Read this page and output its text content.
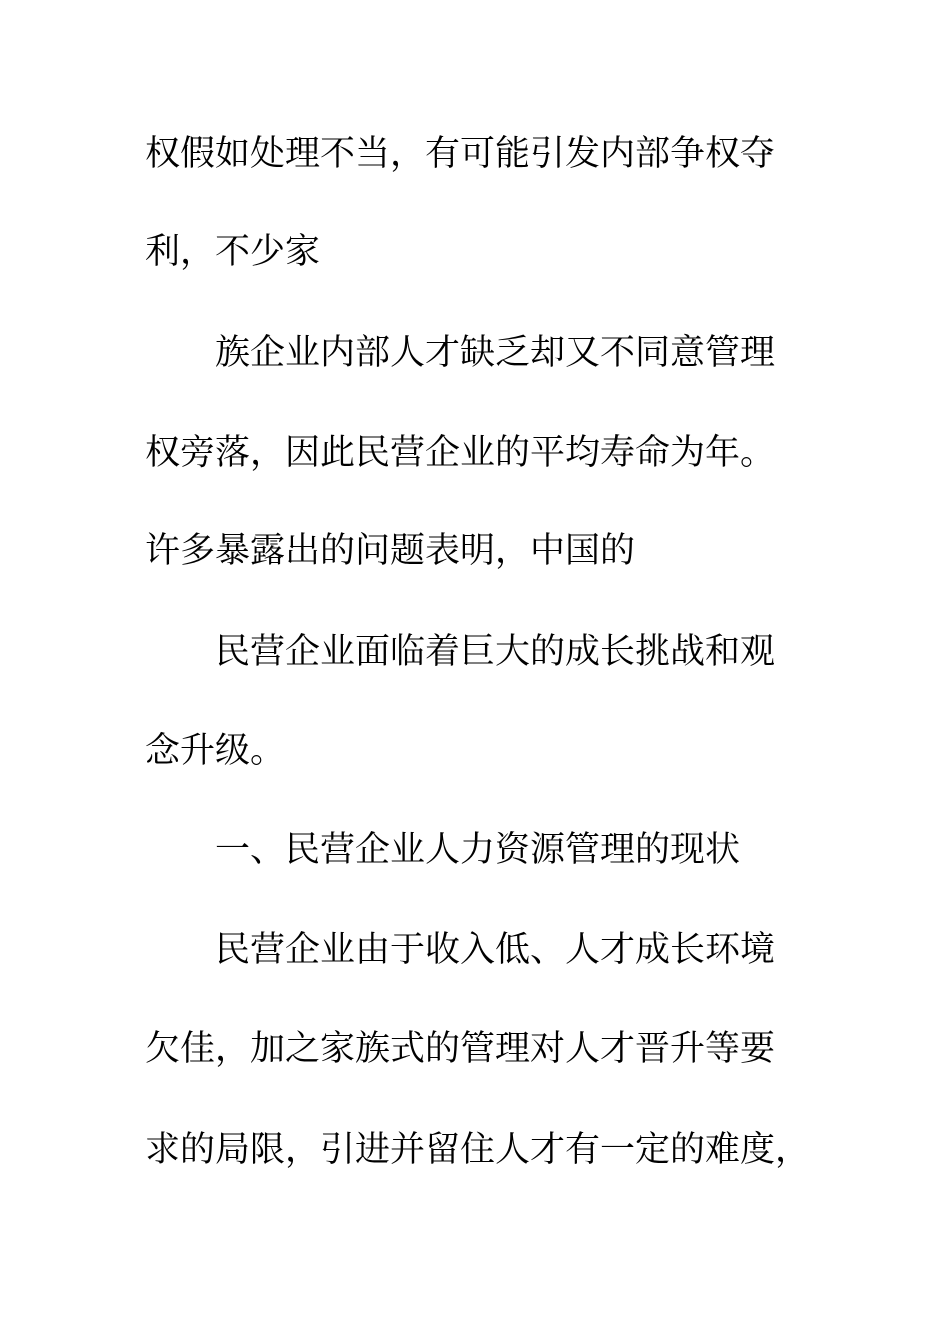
权假如处理不当，有可能引发内部争权夺
利，不少家
族企业内部人才缺乏却又不同意管理
权旁落，因此民营企业的平均寿命为年。
许多暴露出的问题表明，中国的
民营企业面临着巨大的成长挑战和观
念升级。
一、民营企业人力资源管理的现状
民营企业由于收入低、人才成长环境
欠佳，加之家族式的管理对人才晋升等要
求的局限，引进并留住人才有一定的难度，
